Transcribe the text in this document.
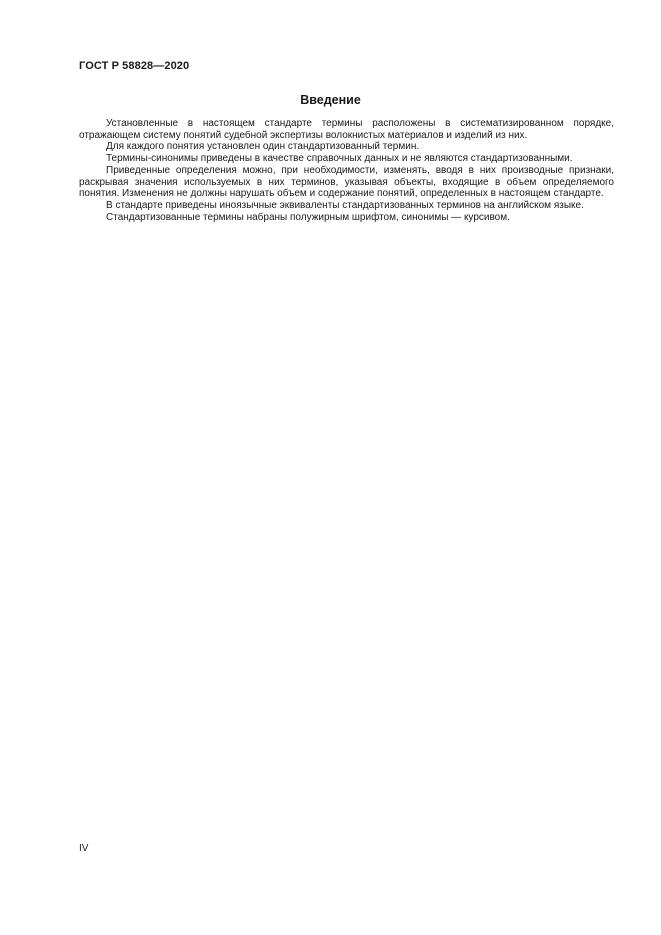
ГОСТ Р 58828—2020
Введение

Установленные в настоящем стандарте термины расположены в систематизированном порядке, отражающем систему понятий судебной экспертизы волокнистых материалов и изделий из них.

Для каждого понятия установлен один стандартизованный термин.

Термины-синонимы приведены в качестве справочных данных и не являются стандартизованными.

Приведенные определения можно, при необходимости, изменять, вводя в них производные признаки, раскрывая значения используемых в них терминов, указывая объекты, входящие в объем определяемого понятия. Изменения не должны нарушать объем и содержание понятий, определенных в настоящем стандарте.

В стандарте приведены иноязычные эквиваленты стандартизованных терминов на английском языке.

Стандартизованные термины набраны полужирным шрифтом, синонимы — курсивом.

IV
